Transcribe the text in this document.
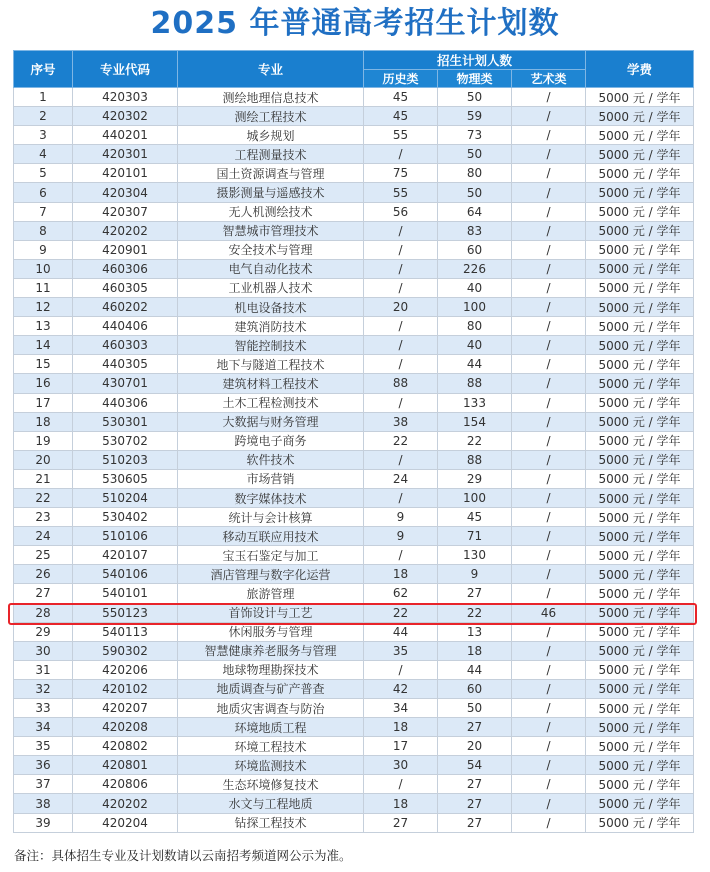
2025 年普通高考招生计划数
序号	专业代码	专业	招生计划人数			学费
			历史类	物理类	艺术类	
1	420303	测绘地理信息技术	45	50	/	5000 元 / 学年
2	420302	测绘工程技术	45	59	/	5000 元 / 学年
3	440201	城乡规划	55	73	/	5000 元 / 学年
4	420301	工程测量技术	/	50	/	5000 元 / 学年
5	420101	国土资源调查与管理	75	80	/	5000 元 / 学年
6	420304	摄影测量与遥感技术	55	50	/	5000 元 / 学年
7	420307	无人机测绘技术	56	64	/	5000 元 / 学年
8	420202	智慧城市管理技术	/	83	/	5000 元 / 学年
9	420901	安全技术与管理	/	60	/	5000 元 / 学年
10	460306	电气自动化技术	/	226	/	5000 元 / 学年
11	460305	工业机器人技术	/	40	/	5000 元 / 学年
12	460202	机电设备技术	20	100	/	5000 元 / 学年
13	440406	建筑消防技术	/	80	/	5000 元 / 学年
14	460303	智能控制技术	/	40	/	5000 元 / 学年
15	440305	地下与隧道工程技术	/	44	/	5000 元 / 学年
16	430701	建筑材料工程技术	88	88	/	5000 元 / 学年
17	440306	土木工程检测技术	/	133	/	5000 元 / 学年
18	530301	大数据与财务管理	38	154	/	5000 元 / 学年
19	530702	跨境电子商务	22	22	/	5000 元 / 学年
20	510203	软件技术	/	88	/	5000 元 / 学年
21	530605	市场营销	24	29	/	5000 元 / 学年
22	510204	数字媒体技术	/	100	/	5000 元 / 学年
23	530402	统计与会计核算	9	45	/	5000 元 / 学年
24	510106	移动互联应用技术	9	71	/	5000 元 / 学年
25	420107	宝玉石鉴定与加工	/	130	/	5000 元 / 学年
26	540106	酒店管理与数字化运营	18	9	/	5000 元 / 学年
27	540101	旅游管理	62	27	/	5000 元 / 学年
28	550123	首饰设计与工艺	22	22	46	5000 元 / 学年
29	540113	休闲服务与管理	44	13	/	5000 元 / 学年
30	590302	智慧健康养老服务与管理	35	18	/	5000 元 / 学年
31	420206	地球物理勘探技术	/	44	/	5000 元 / 学年
32	420102	地质调查与矿产普查	42	60	/	5000 元 / 学年
33	420207	地质灾害调查与防治	34	50	/	5000 元 / 学年
34	420208	环境地质工程	18	27	/	5000 元 / 学年
35	420802	环境工程技术	17	20	/	5000 元 / 学年
36	420801	环境监测技术	30	54	/	5000 元 / 学年
37	420806	生态环境修复技术	/	27	/	5000 元 / 学年
38	420202	水文与工程地质	18	27	/	5000 元 / 学年
39	420204	钻探工程技术	27	27	/	5000 元 / 学年
备注：具体招生专业及计划数请以云南招考频道网公示为准。
